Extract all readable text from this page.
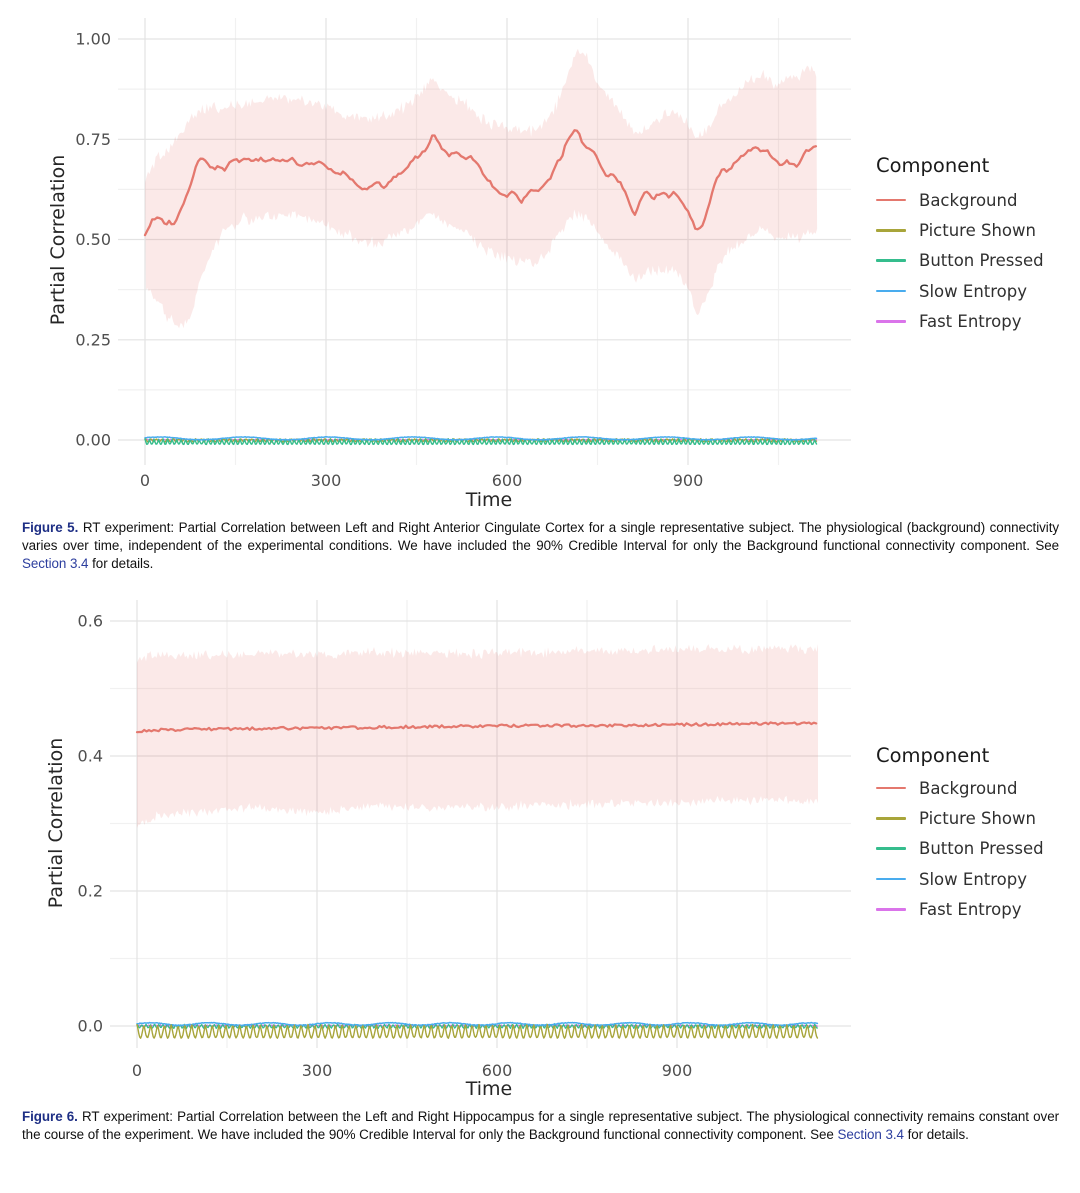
0	300	600	900
0.00
0.25
0.50
0.75
1.00
Partial Correlation
Time
Component
Background
Picture Shown
Button Pressed
Slow Entropy
Fast Entropy

Figure 5. RT experiment: Partial Correlation between Left and Right Anterior Cingulate Cortex for a single representative subject. The physiological (background) connectivity varies over time, independent of the experimental conditions. We have included the 90% Credible Interval for only the Background functional connectivity component. See Section 3.4 for details.

0	300	600	900
0.0
0.2
0.4
0.6
Partial Correlation
Time
Component
Background
Picture Shown
Button Pressed
Slow Entropy
Fast Entropy

Figure 6. RT experiment: Partial Correlation between the Left and Right Hippocampus for a single representative subject. The physiological connectivity remains constant over the course of the experiment. We have included the 90% Credible Interval for only the Background functional connectivity component. See Section 3.4 for details.
